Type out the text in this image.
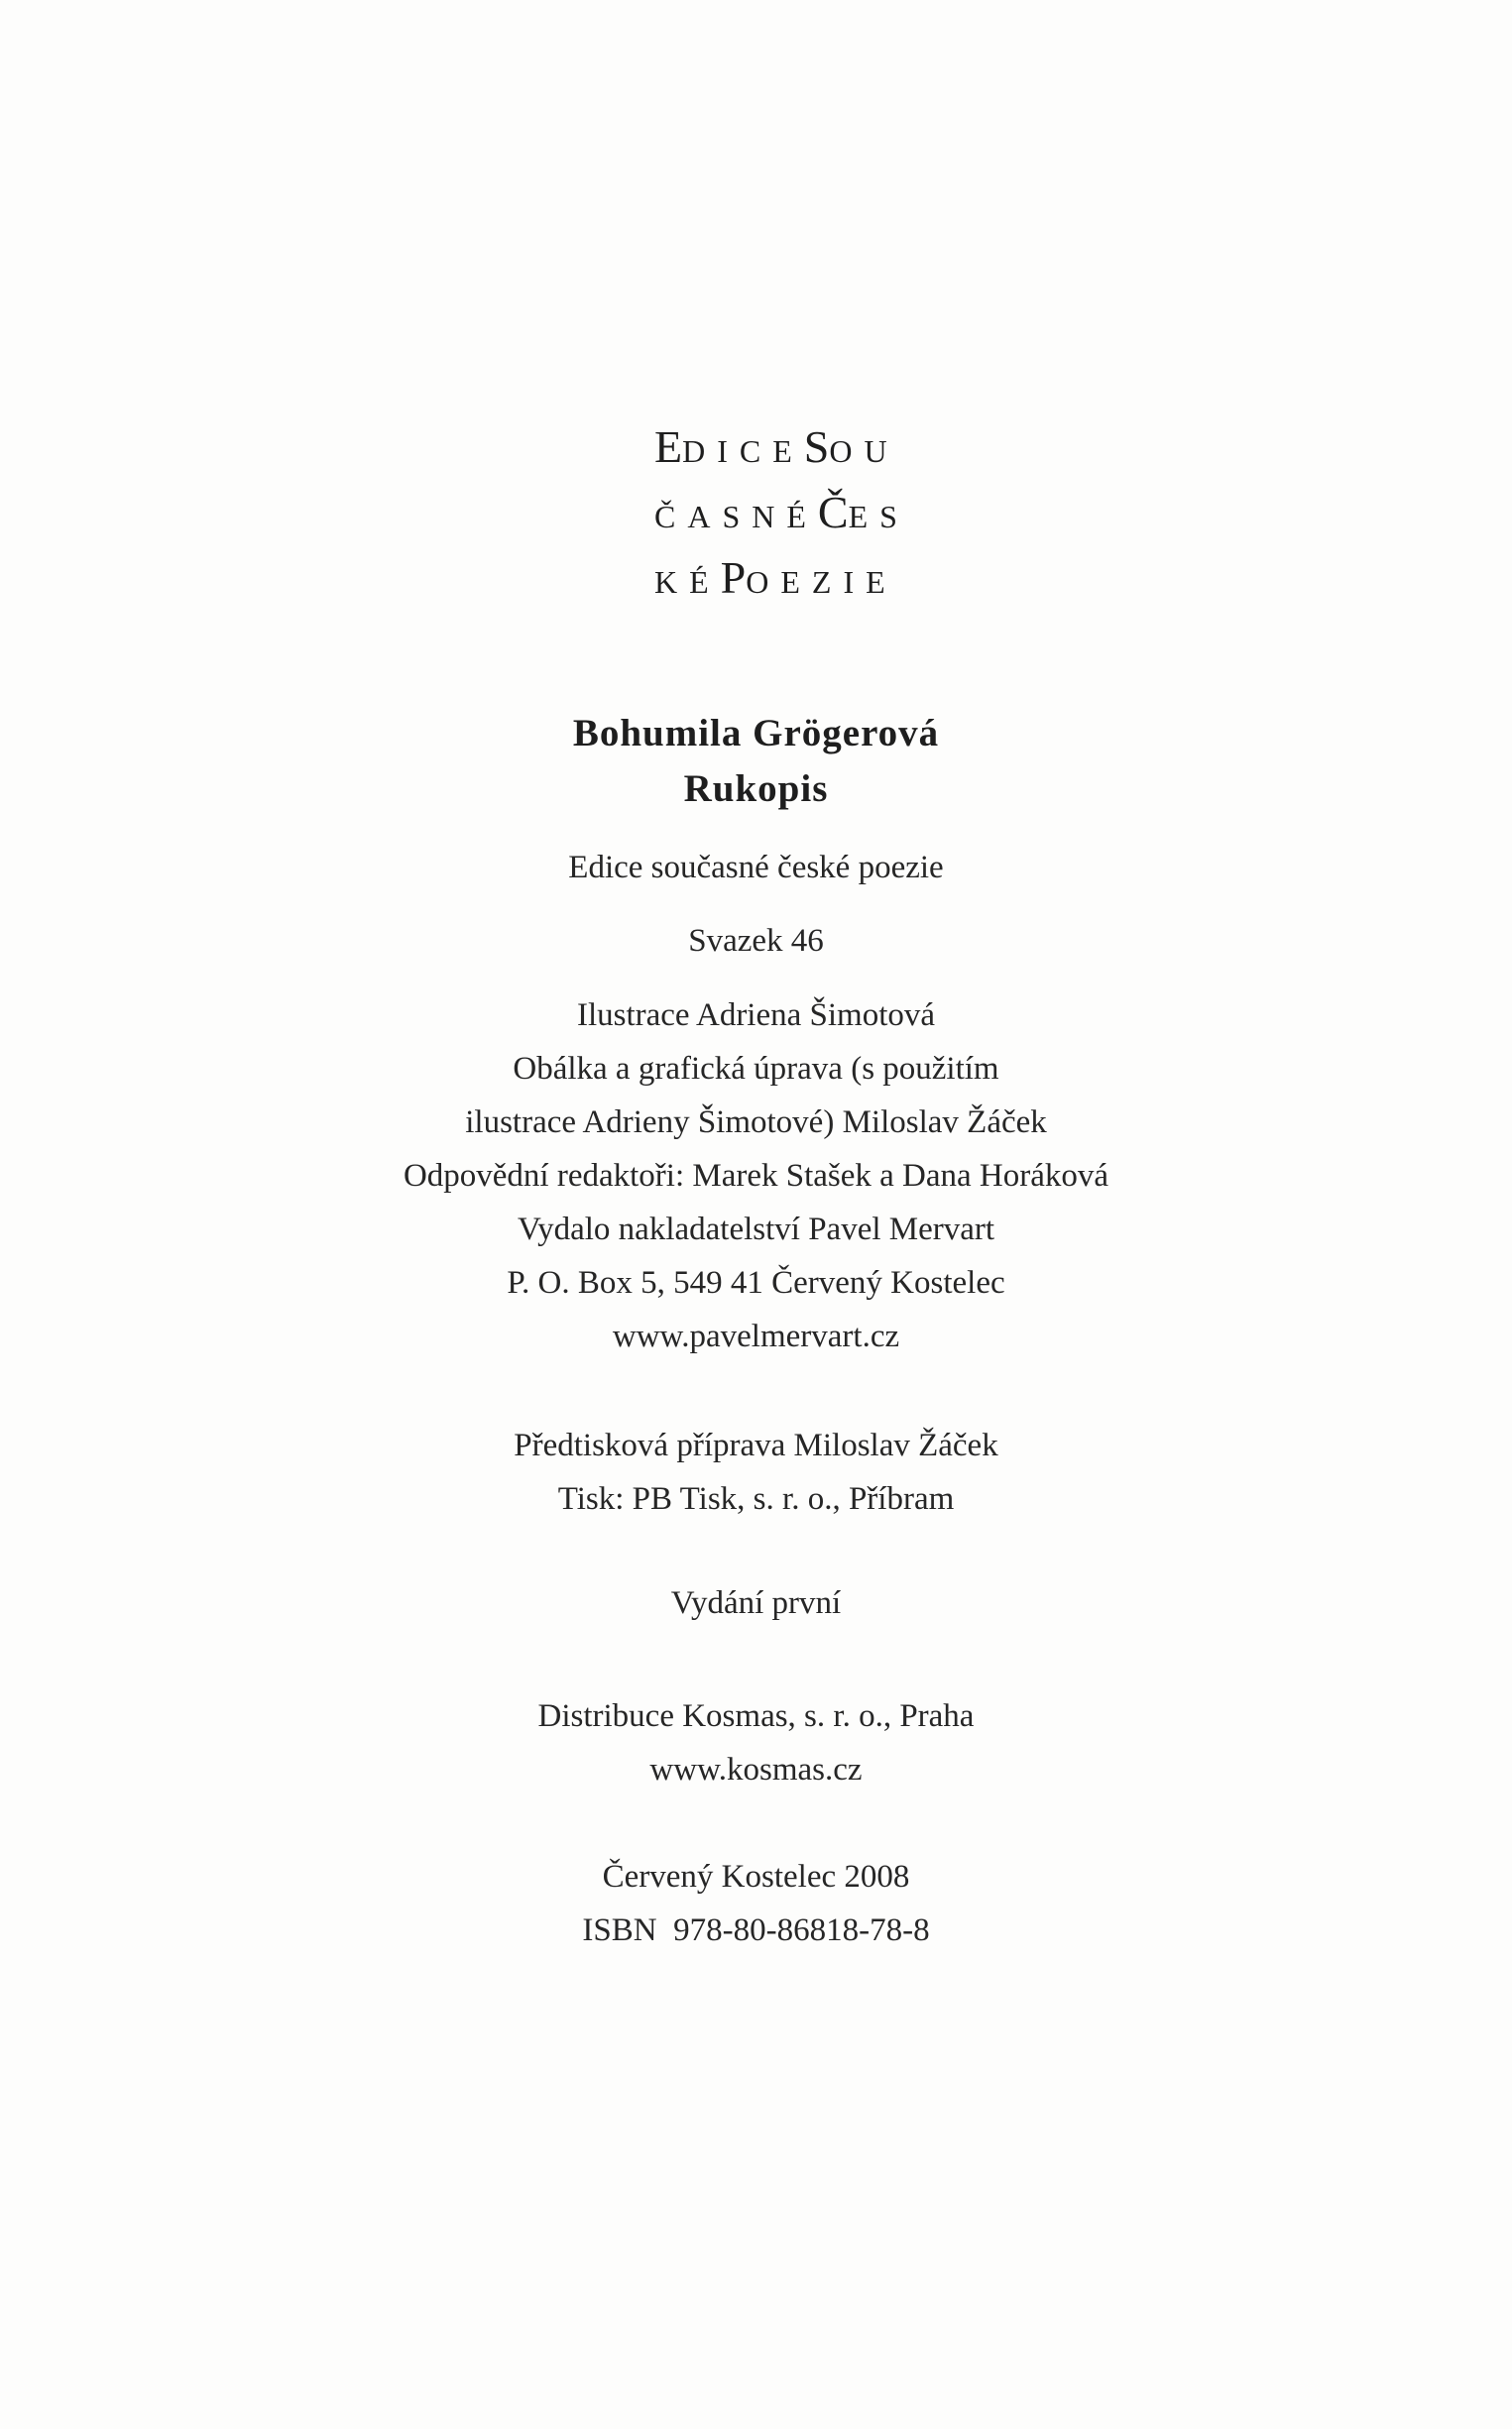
EDICESOU
ČASNÉČES
KÉPOEZIE
Bohumila Grögerová
Rukopis
Edice současné české poezie
Svazek 46
Ilustrace Adriena Šimotová
Obálka a grafická úprava (s použitím
ilustrace Adrieny Šimotové) Miloslav Žáček
Odpovědní redaktoři: Marek Stašek a Dana Horáková
Vydalo nakladatelství Pavel Mervart
P. O. Box 5, 549 41 Červený Kostelec
www.pavelmervart.cz
Předtisková příprava Miloslav Žáček
Tisk: PB Tisk, s. r. o., Příbram
Vydání první
Distribuce Kosmas, s. r. o., Praha
www.kosmas.cz
Červený Kostelec 2008
ISBN  978-80-86818-78-8
